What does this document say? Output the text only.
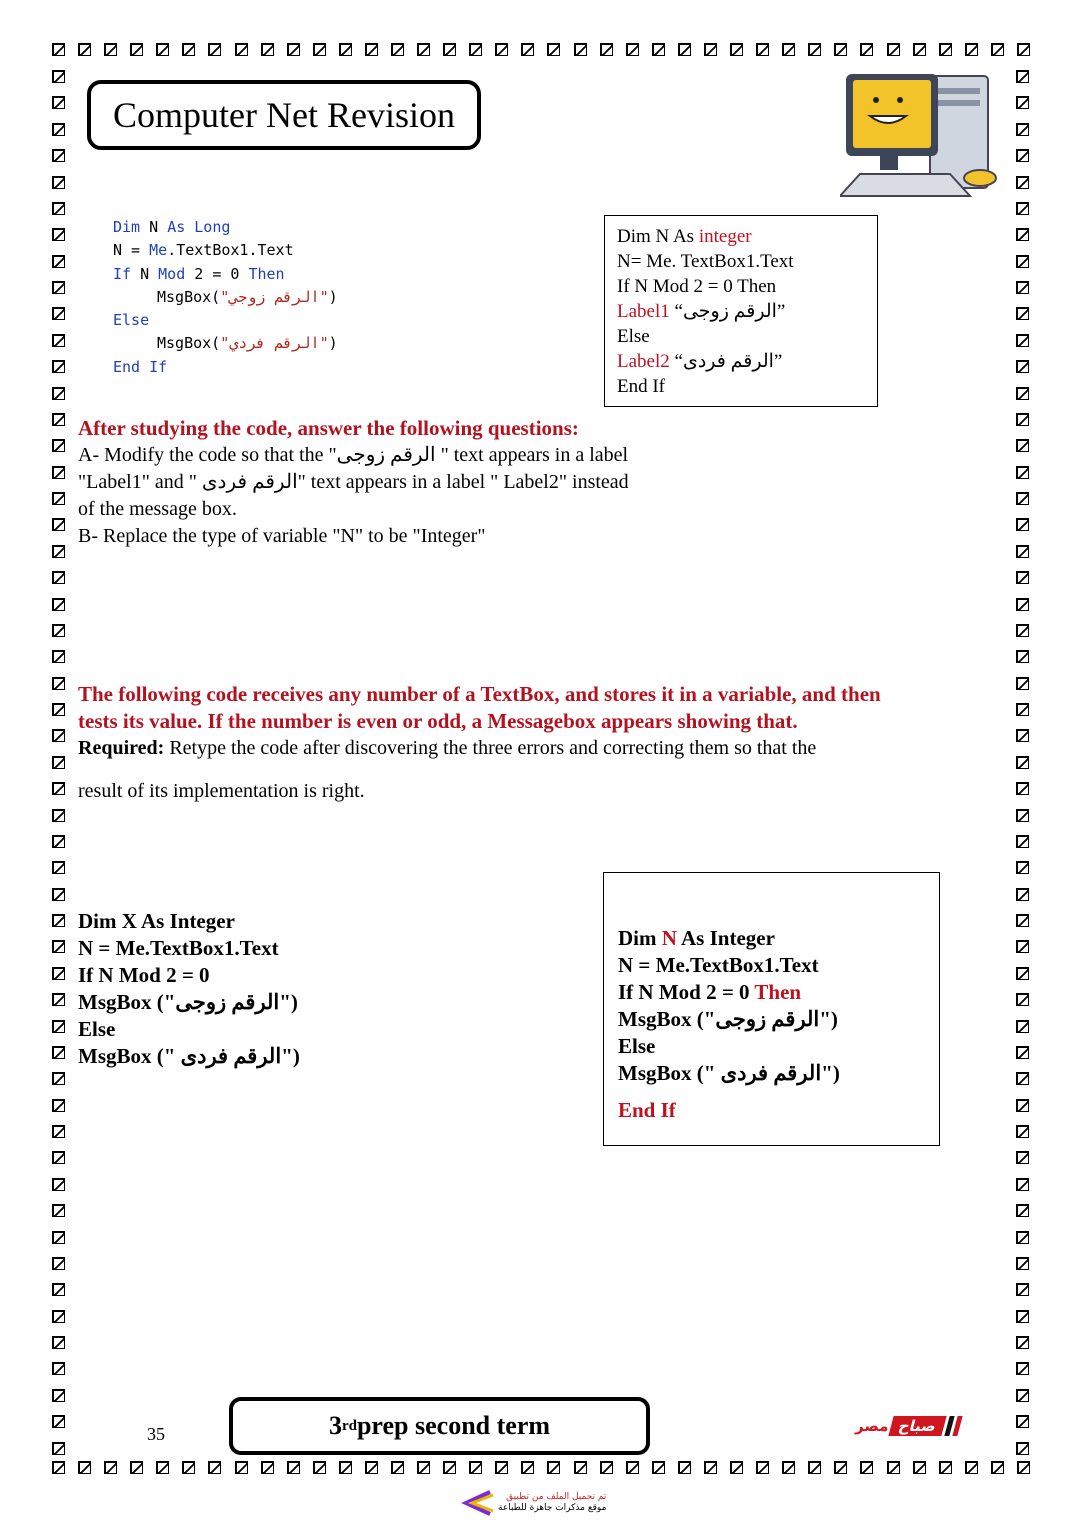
Computer Net Revision
Dim N As Long
N = Me.TextBox1.Text
If N Mod 2 = 0 Then
MsgBox("الرقم زوجي")
Else
MsgBox("الرقم فردي")
End If
Dim N As integer
N= Me. TextBox1.Text
If N Mod 2 = 0 Then
Label1 “الرقم زوجى”
Else
Label2 “الرقم فردى”
End If
After studying the code, answer the following questions:
A- Modify the code so that the "الرقم زوجى " text appears in a label
"Label1" and " الرقم فردى" text appears in a label " Label2" instead
of the message box.
B- Replace the type of variable "N" to be "Integer"
The following code receives any number of a TextBox, and stores it in a variable, and then
tests its value. If the number is even or odd, a Messagebox appears showing that.
Required: Retype the code after discovering the three errors and correcting them so that the
result of its implementation is right.
Dim X As Integer
N = Me.TextBox1.Text
If N Mod 2 = 0
MsgBox ("الرقم زوجى")
Else
MsgBox (" الرقم فردى")
Dim N As Integer
N = Me.TextBox1.Text
If N Mod 2 = 0 Then
MsgBox ("الرقم زوجى")
Else
MsgBox (" الرقم فردى")
End If
35	3 rd prep second term	مصر صباح
تم تحميل الملف من تطبيق
موقع مذكرات جاهزة للطباعة
